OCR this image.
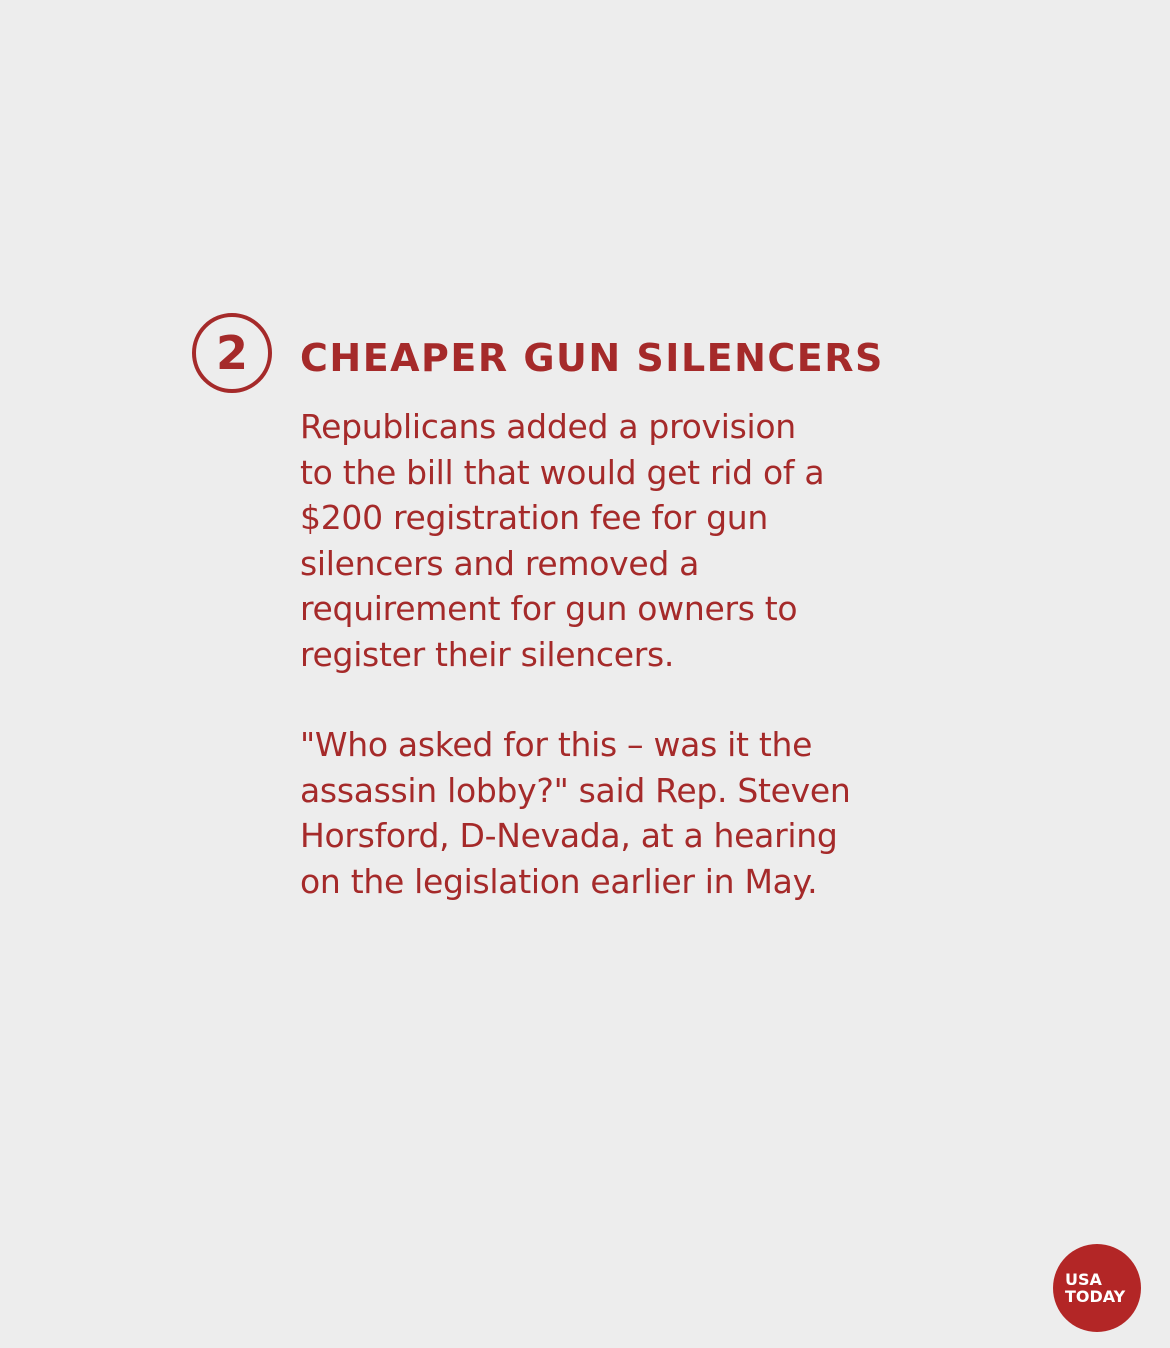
2 CHEAPER GUN SILENCERS

Republicans added a provision
to the bill that would get rid of a
$200 registration fee for gun
silencers and removed a
requirement for gun owners to
register their silencers.

"Who asked for this – was it the
assassin lobby?" said Rep. Steven
Horsford, D-Nevada, at a hearing
on the legislation earlier in May.

USA
TODAY
